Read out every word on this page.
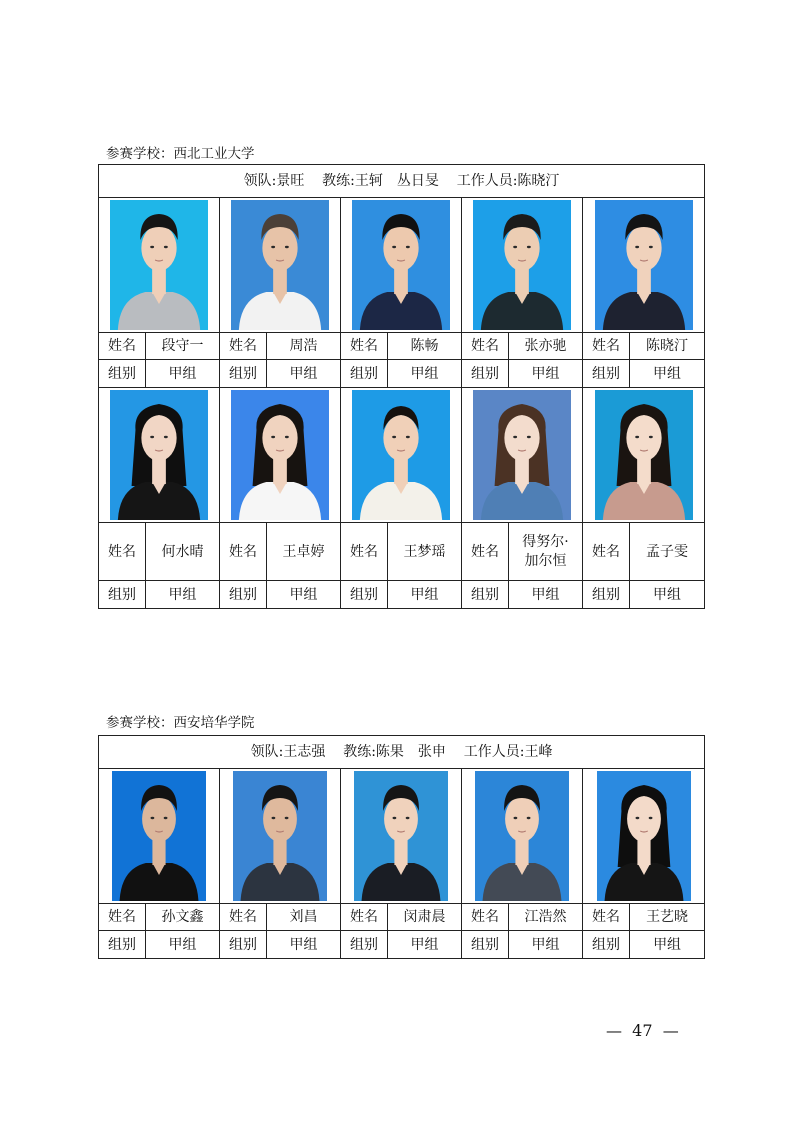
参赛学校：西北工业大学
领队:景旺 教练:王轲　丛日旻 工作人员:陈晓汀									

姓名	段守一	姓名	周浩	姓名	陈畅	姓名	张亦驰	姓名	陈晓汀
组别	甲组	组别	甲组	组别	甲组	组别	甲组	组别	甲组

姓名	何水晴	姓名	王卓婷	姓名	王梦瑶	姓名	得努尔·加尔恒	姓名	孟子雯
组别	甲组	组别	甲组	组别	甲组	组别	甲组	组别	甲组
参赛学校：西安培华学院
领队:王志强 教练:陈果　张申 工作人员:王峰									

姓名	孙文鑫	姓名	刘昌	姓名	闵肃晨	姓名	江浩然	姓名	王艺晓
组别	甲组	组别	甲组	组别	甲组	组别	甲组	组别	甲组
—  47  —
